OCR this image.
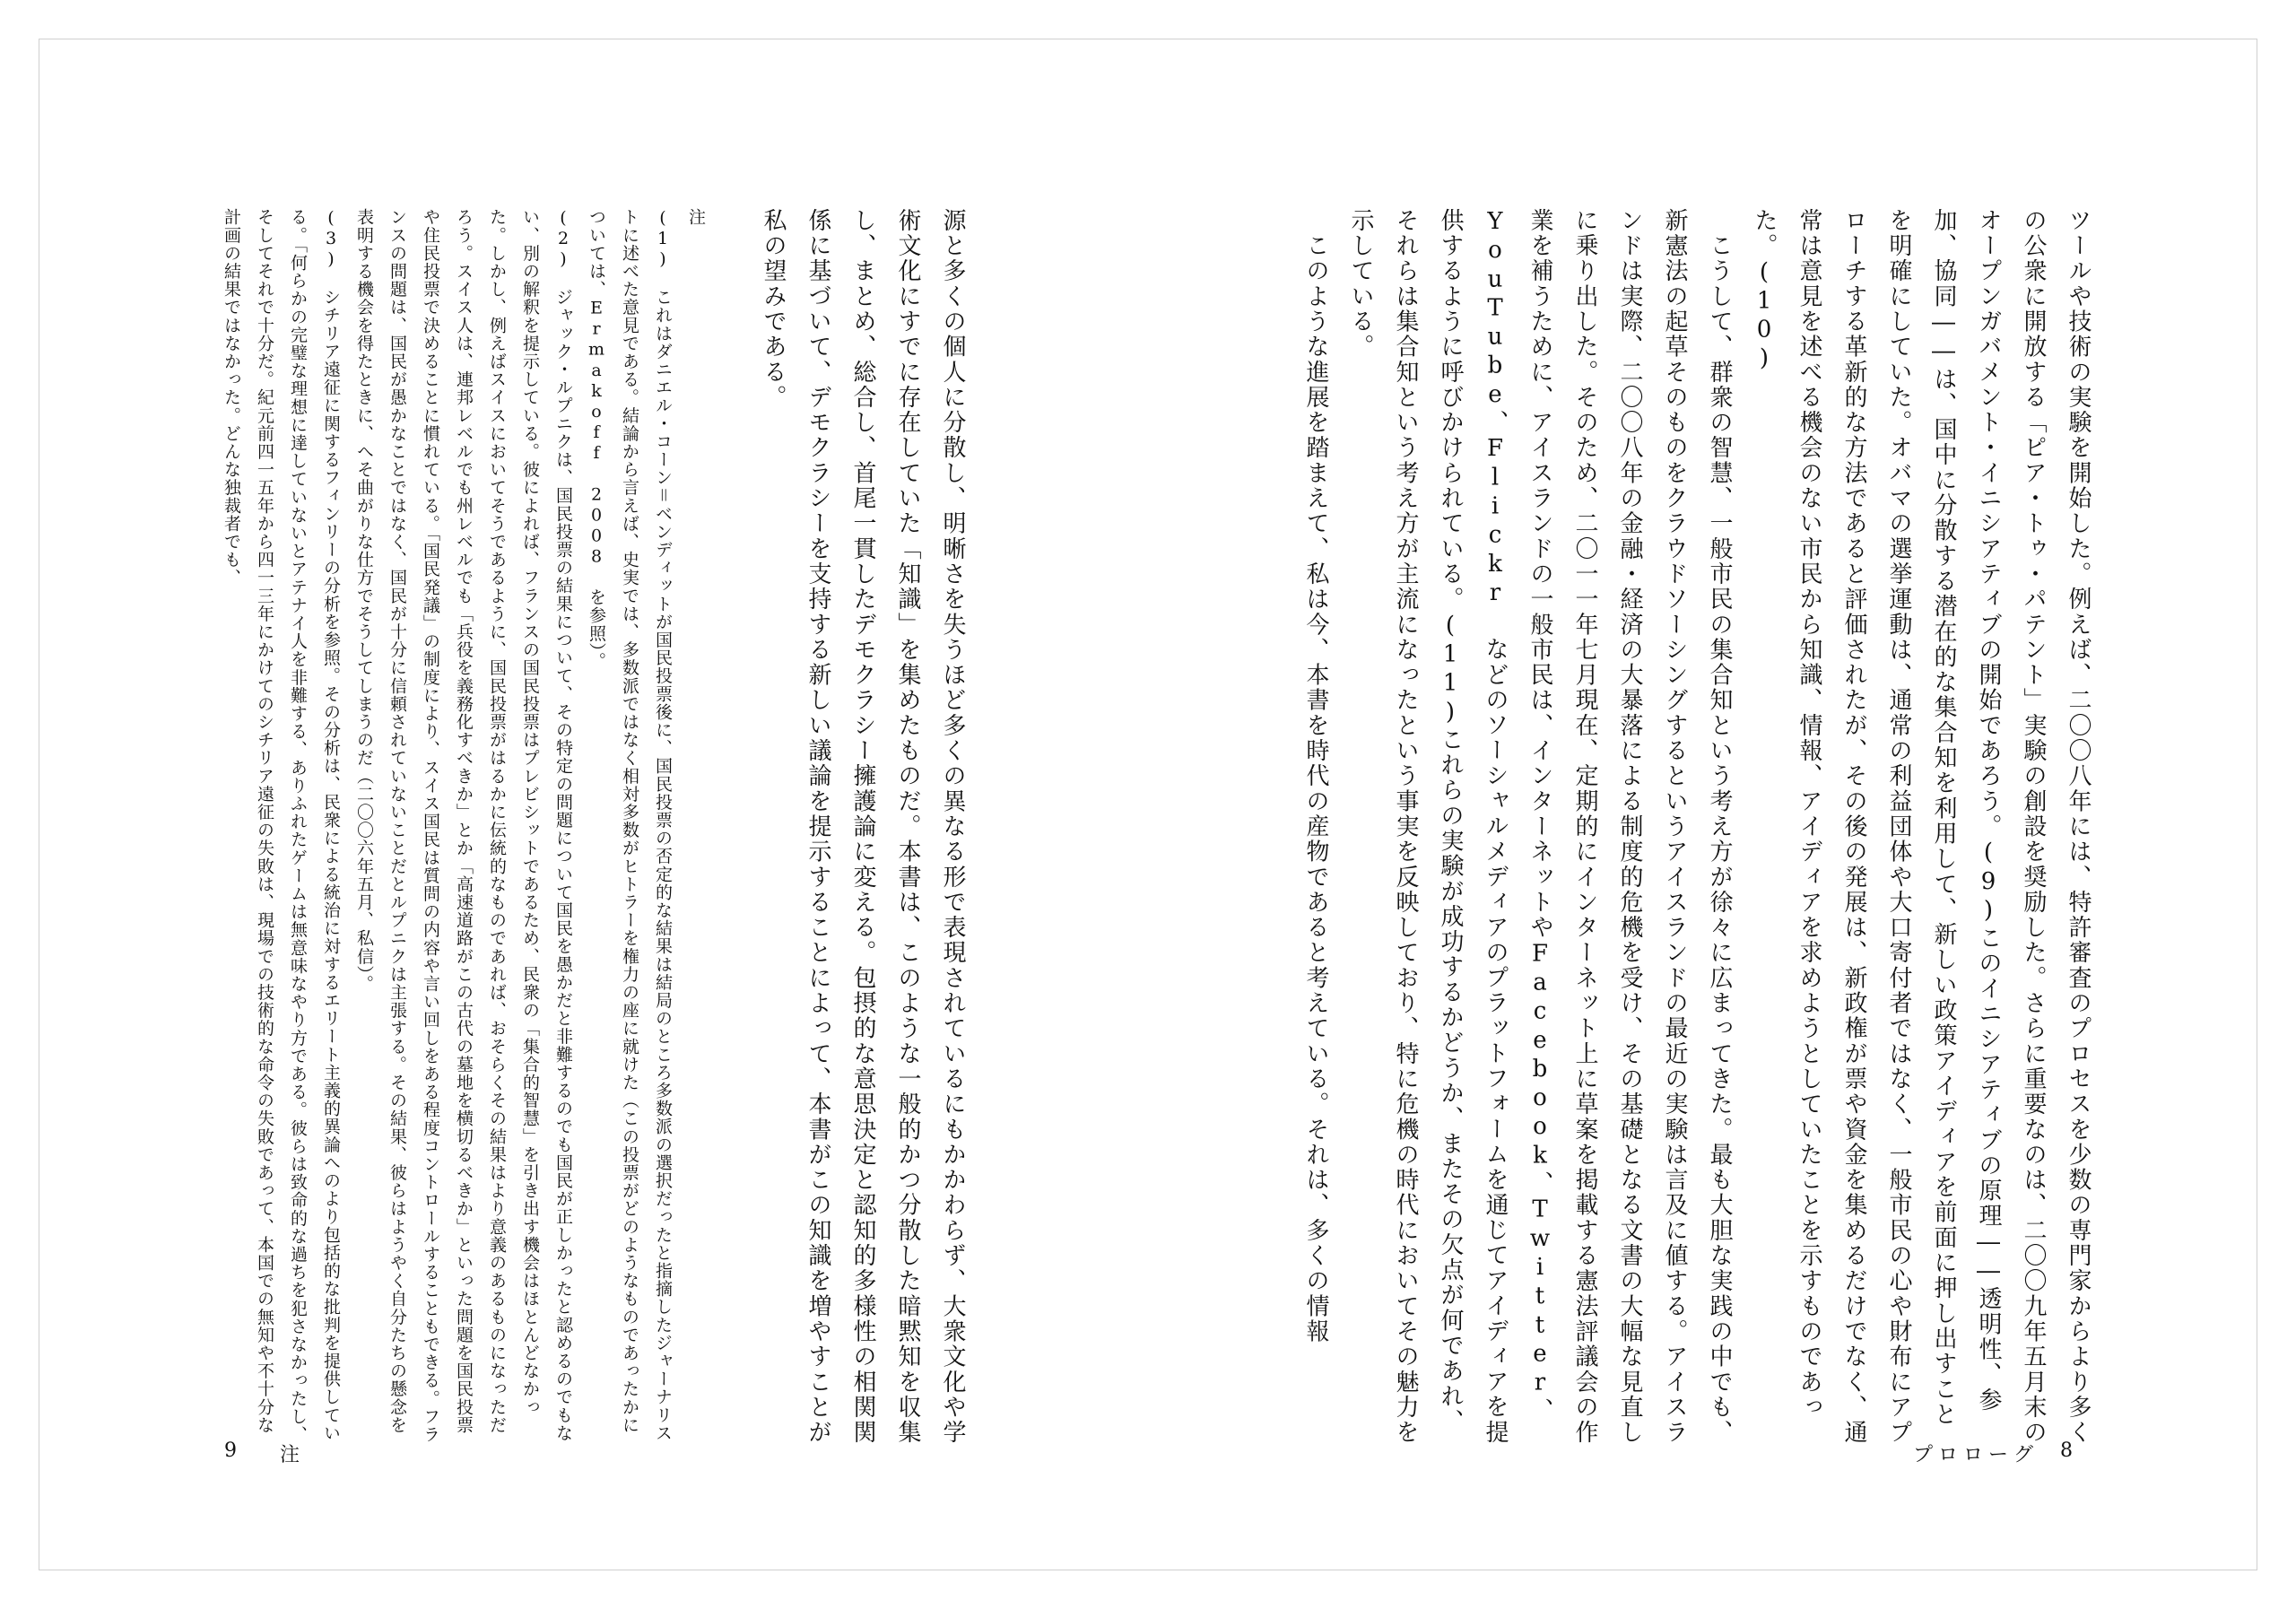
ツールや技術の実験を開始した。例えば、二〇〇八年には、特許審査のプロセスを少数の専門家からより多くの公衆に開放する「ピア・トゥ・パテント」実験の創設を奨励した。さらに重要なのは、二〇〇九年五月末のオープンガバメント・イニシアティブの開始であろう。(9)このイニシアティブの原理――透明性、参加、協同――は、国中に分散する潜在的な集合知を利用して、新しい政策アイディアを前面に押し出すことを明確にしていた。オバマの選挙運動は、通常の利益団体や大口寄付者ではなく、一般市民の心や財布にアプローチする革新的な方法であると評価されたが、その後の発展は、新政権が票や資金を集めるだけでなく、通常は意見を述べる機会のない市民から知識、情報、アイディアを求めようとしていたことを示すものであった。(10)
　こうして、群衆の智慧、一般市民の集合知という考え方が徐々に広まってきた。最も大胆な実践の中でも、新憲法の起草そのものをクラウドソーシングするというアイスランドの最近の実験は言及に値する。アイスランドは実際、二〇〇八年の金融・経済の大暴落による制度的危機を受け、その基礎となる文書の大幅な見直しに乗り出した。そのため、二〇一一年七月現在、定期的にインターネット上に草案を掲載する憲法評議会の作業を補うために、アイスランドの一般市民は、インターネットやFacebook、Twitter、YouTube、Flickr などのソーシャルメディアのプラットフォームを通じてアイディアを提供するように呼びかけられている。(11)これらの実験が成功するかどうか、またその欠点が何であれ、それらは集合知という考え方が主流になったという事実を反映しており、特に危機の時代においてその魅力を示している。
　このような進展を踏まえて、私は今、本書を時代の産物であると考えている。それは、多くの情報
プロローグ 8
源と多くの個人に分散し、明晰さを失うほど多くの異なる形で表現されているにもかかわらず、大衆文化や学術文化にすでに存在していた「知識」を集めたものだ。本書は、このような一般的かつ分散した暗黙知を収集し、まとめ、総合し、首尾一貫したデモクラシー擁護論に変える。包摂的な意思決定と認知的多様性の相関関係に基づいて、デモクラシーを支持する新しい議論を提示することによって、本書がこの知識を増やすことが私の望みである。
注
(1)　これはダニエル・コーン＝ベンディットが国民投票後に、国民投票の否定的な結果は結局のところ多数派の選択だったと指摘したジャーナリストに述べた意見である。結論から言えば、史実では、多数派ではなく相対多数がヒトラーを権力の座に就けた（この投票がどのようなものであったかについては、Ermakoff 2008 を参照）。
(2)　ジャック・ルプニクは、国民投票の結果について、その特定の問題について国民を愚かだと非難するのでも国民が正しかったと認めるのでもない、別の解釈を提示している。彼によれば、フランスの国民投票はプレビシットであるため、民衆の「集合的智慧」を引き出す機会はほとんどなかった。しかし、例えばスイスにおいてそうであるように、国民投票がはるかに伝統的なものであれば、おそらくその結果はより意義のあるものになっただろう。スイス人は、連邦レベルでも州レベルでも「兵役を義務化すべきか」とか「高速道路がこの古代の墓地を横切るべきか」といった問題を国民投票や住民投票で決めることに慣れている。「国民発議」の制度により、スイス国民は質問の内容や言い回しをある程度コントロールすることもできる。フランスの問題は、国民が愚かなことではなく、国民が十分に信頼されていないことだとルプニクは主張する。その結果、彼らはようやく自分たちの懸念を表明する機会を得たときに、へそ曲がりな仕方でそうしてしまうのだ（二〇〇六年五月、私信）。
(3)　シチリア遠征に関するフィンリーの分析を参照。その分析は、民衆による統治に対するエリート主義的異論へのより包括的な批判を提供している。「何らかの完璧な理想に達していないとアテナイ人を非難する、ありふれたゲームは無意味なやり方である。彼らは致命的な過ちを犯さなかったし、そしてそれで十分だ。紀元前四一五年から四一三年にかけてのシチリア遠征の失敗は、現場での技術的な命令の失敗であって、本国での無知や不十分な計画の結果ではなかった。どんな独裁者でも、
9 注
